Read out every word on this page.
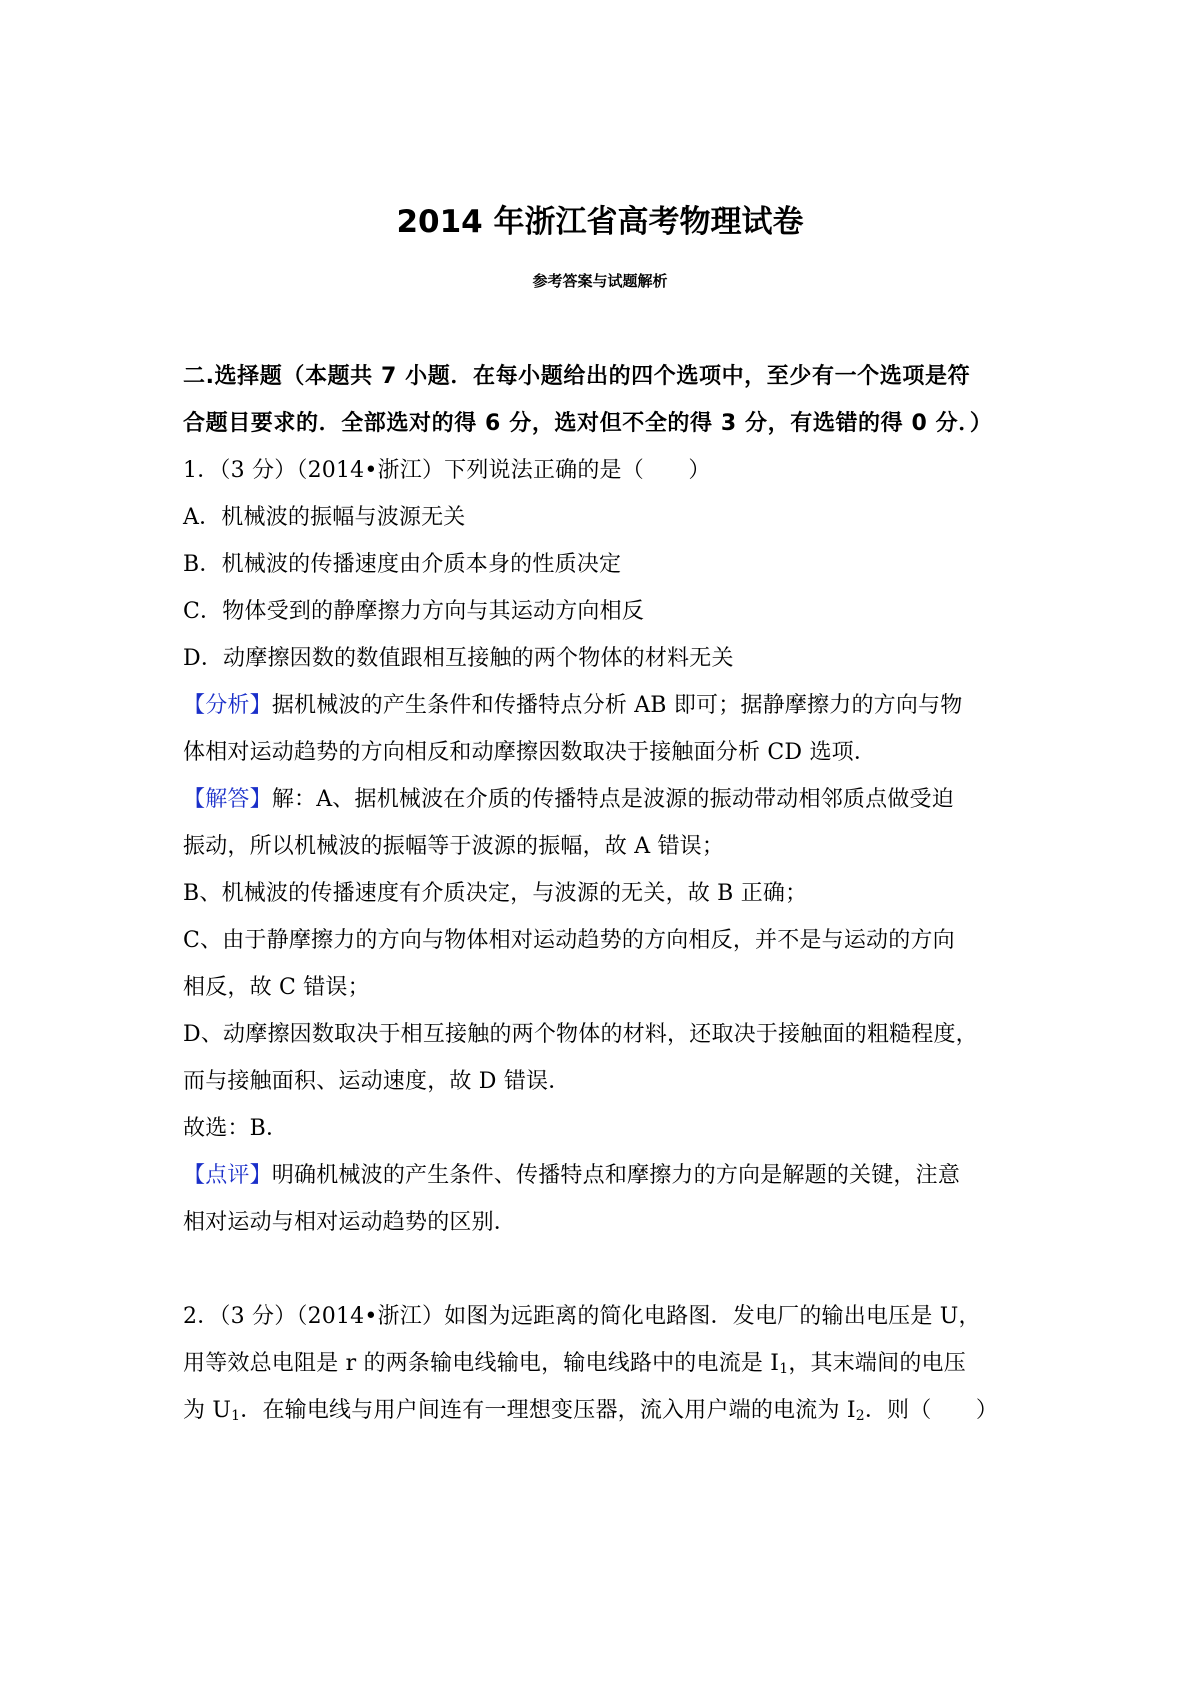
2014 年浙江省高考物理试卷
参考答案与试题解析
二.选择题（本题共 7 小题．在每小题给出的四个选项中，至少有一个选项是符
合题目要求的．全部选对的得 6 分，选对但不全的得 3 分，有选错的得 0 分．）
1．（3 分）（2014•浙江）下列说法正确的是（　　）
A．机械波的振幅与波源无关
B．机械波的传播速度由介质本身的性质决定
C．物体受到的静摩擦力方向与其运动方向相反
D．动摩擦因数的数值跟相互接触的两个物体的材料无关
【分析】据机械波的产生条件和传播特点分析 AB 即可；据静摩擦力的方向与物
体相对运动趋势的方向相反和动摩擦因数取决于接触面分析 CD 选项．
【解答】解：A、据机械波在介质的传播特点是波源的振动带动相邻质点做受迫
振动，所以机械波的振幅等于波源的振幅，故 A 错误；
B、机械波的传播速度有介质决定，与波源的无关，故 B 正确；
C、由于静摩擦力的方向与物体相对运动趋势的方向相反，并不是与运动的方向
相反，故 C 错误；
D、动摩擦因数取决于相互接触的两个物体的材料，还取决于接触面的粗糙程度，
而与接触面积、运动速度，故 D 错误．
故选：B．
【点评】明确机械波的产生条件、传播特点和摩擦力的方向是解题的关键，注意
相对运动与相对运动趋势的区别．
2．（3 分）（2014•浙江）如图为远距离的简化电路图．发电厂的输出电压是 U，
用等效总电阻是 r 的两条输电线输电，输电线路中的电流是 $I_1$，其末端间的电压
为 $U_1$．在输电线与用户间连有一理想变压器，流入用户端的电流为 $I_2$．则（　　）
